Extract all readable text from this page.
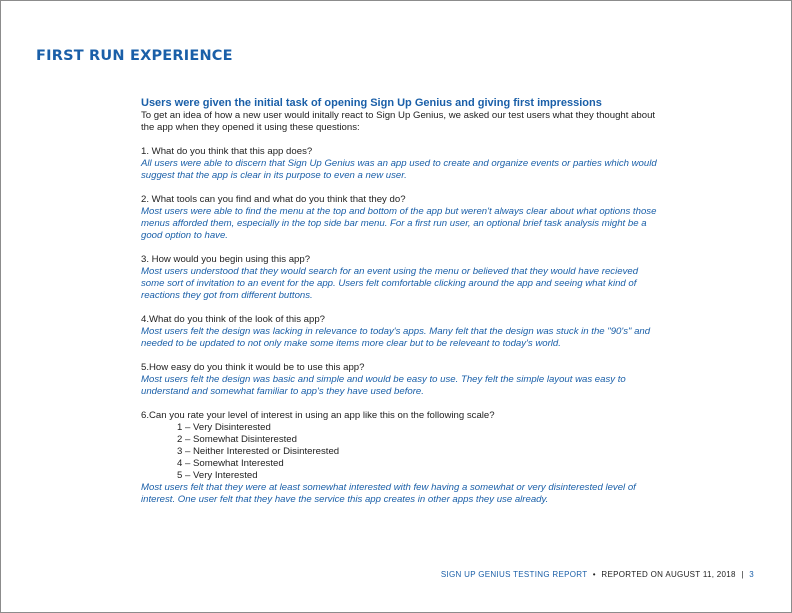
FIRST RUN EXPERIENCE
Users were given the initial task of opening Sign Up Genius and giving first impressions

To get an idea of how a new user would initally react to Sign Up Genius, we asked our test users what they thought about the app when they opened it using these questions:

1. What do you think that this app does?
All users were able to discern that Sign Up Genius was an app used to create and organize events or parties which would suggest that the app is clear in its purpose to even a new user.
2. What tools can you find and what do you think that they do?
Most users were able to find the menu at the top and bottom of the app but weren't always clear about what options those menus afforded them, especially in the top side bar menu. For a first run user, an optional brief task analysis might be a good option to have.
3. How would you begin using this app?
Most users understood that they would search for an event using the menu or believed that they would have recieved some sort of invitation to an event for the app. Users felt comfortable clicking around the app and seeing what kind of reactions they got from different buttons.
4.What do you think of the look of this app?
Most users felt the design was lacking in relevance to today's apps. Many felt that the design was stuck in the "90's" and needed to be updated to not only make some items more clear but to be releveant to today's world.
5.How easy do you think it would be to use this app?
Most users felt the design was basic and simple and would be easy to use. They felt the simple layout was easy to understand and somewhat familiar to app's they have used before.
6.Can you rate your level of interest in using an app like this on the following scale?
1 – Very Disinterested
2 – Somewhat Disinterested
3 – Neither Interested or Disinterested
4 – Somewhat Interested
5 – Very Interested
Most users felt that they were at least somewhat interested with few having a somewhat or very disinterested level of interest. One user felt that they have the service this app creates in other apps they use already.
SIGN UP GENIUS TESTING REPORT • REPORTED ON AUGUST 11, 2018 | 3
